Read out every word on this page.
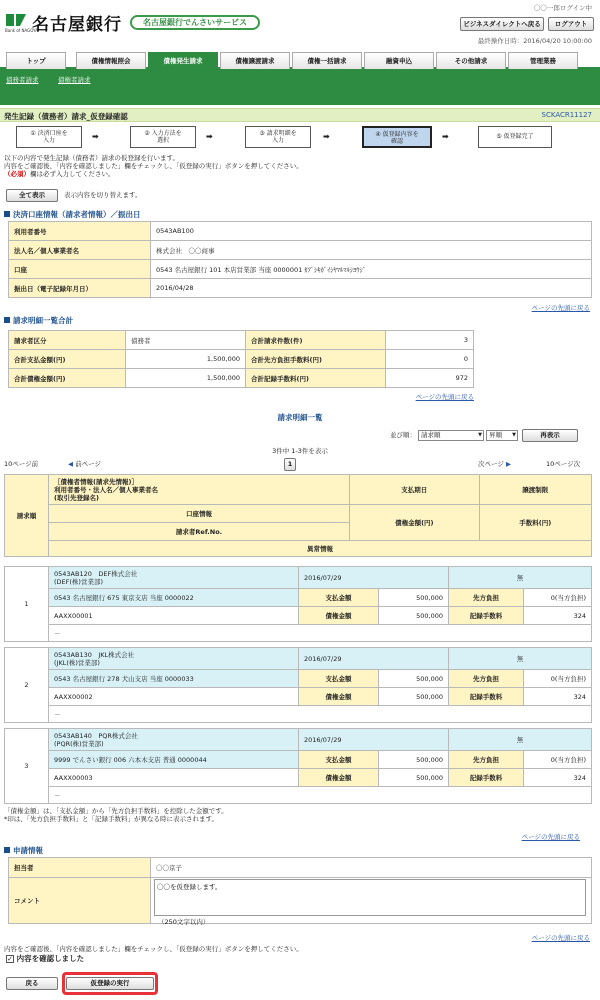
名古屋銀行
Bank of NAGOYA
名古屋銀行でんさいサービス
〇〇一郎ログイン中
ビジネスダイレクトへ戻る	ログアウト
最終操作日時：2016/04/20 10:00:00
トップ	債権情報照会	債権発生請求	債権譲渡請求	債権一括請求	融資申込	その他請求	管理業務
債務者請求	債権者請求
発生記録（債務者）請求_仮登録確認	SCKACR11127
① 決済口座を
入力	➡	② 入力方法を
選択	➡	③ 請求明細を
入力	➡	④ 仮登録内容を
確認
➡	⑤ 仮登録完了
以下の内容で発生記録（債務者）請求の仮登録を行います。
内容をご確認後、「内容を確認しました」欄をチェックし、「仮登録の実行」ボタンを押してください。
（必須）欄は必ず入力してください。
全て表示	表示内容を切り替えます。
決済口座情報（請求者情報）／振出日
利用者番号	0543AB100
法人名／個人事業者名	株式会社　〇〇商事
口座	0543 名古屋銀行 101 本店営業部 当座 0000001 ｶﾌﾞｼｷｶﾞｲｼﾔﾏﾙﾏﾙｼﾖｳｼﾞ
振出日（電子記録年月日）	2016/04/28
ページの先頭に戻る
請求明細一覧合計
請求者区分	債務者	合計請求件数(件)	3
合計支払金額(円)	1,500,000	合計先方負担手数料(円)	0
合計債権金額(円)	1,500,000	合計記録手数料(円)	972
ページの先頭に戻る
請求明細一覧
並び順： 請求順 ▼	昇順 ▼	再表示
3件中 1-3件を表示
10ページ前	◀ 前ページ	1	次ページ ▶	10ページ次
請求順	［債権者情報(請求先情報)］
利用者番号・法人名／個人事業者名
(取引先登録名)	支払期日	譲渡制限
	口座情報	債権金額(円)	手数料(円)
	請求者Ref.No.		
	異常情報		
1	0543AB120　DEF株式会社
(DEF(株)営業部)	2016/07/29		無	
	0543 名古屋銀行 675 東京支店 当座 0000022	支払金額	500,000	先方負担	0(当方負担)
	AAXX00001	債権金額	500,000	記録手数料	324
	－				
2	0543AB130　JKL株式会社
(JKL(株)営業部)	2016/07/29		無	
	0543 名古屋銀行 278 犬山支店 当座 0000033	支払金額	500,000	先方負担	0(当方負担)
	AAXX00002	債権金額	500,000	記録手数料	324
	－				
3	0543AB140　PQR株式会社
(PQR(株)営業部)	2016/07/29		無	
	9999 でんさい銀行 006 六本木支店 普通 0000044	支払金額	500,000	先方負担	0(当方負担)
	AAXX00003	債権金額	500,000	記録手数料	324
	－				
「債権金額」は、「支払金額」から「先方負担手数料」を控除した金額です。
*印は、「先方負担手数料」と「記録手数料」が異なる時に表示されます。
ページの先頭に戻る
申請情報
担当者	〇〇京子
コメント	
〇〇を仮登録します。
（250文字以内）
ページの先頭に戻る
内容をご確認後、「内容を確認しました」欄をチェックし、「仮登録の実行」ボタンを押してください。
✓ 内容を確認しました
戻る	仮登録の実行
